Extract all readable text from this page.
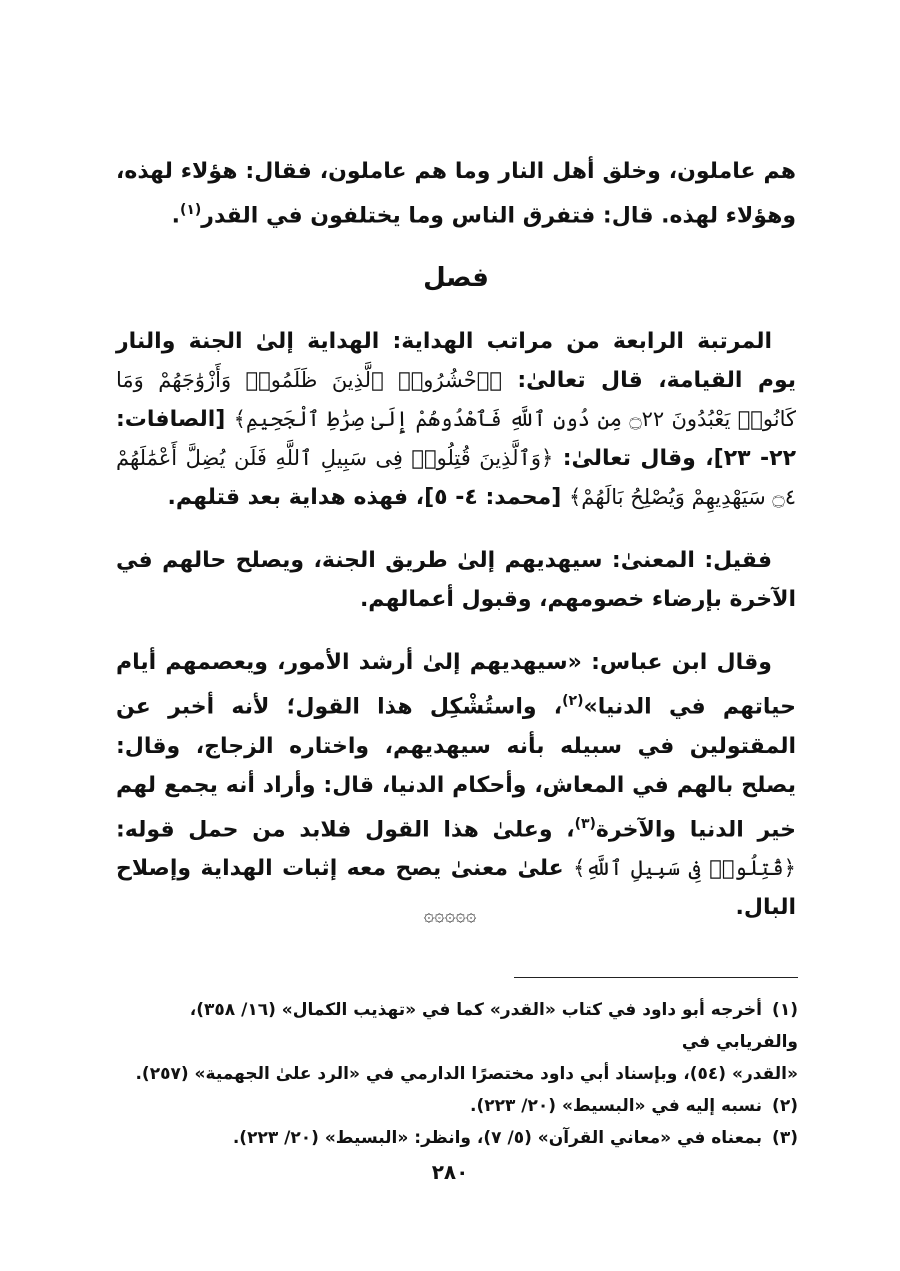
هم عاملون، وخلق أهل النار وما هم عاملون، فقال: هؤلاء لهذه، وهؤلاء لهذه. قال: فتفرق الناس وما يختلفون في القدر$^{(١)}$.

فصل

المرتبة الرابعة من مراتب الهداية: الهداية إلىٰ الجنة والنار يوم القيامة، قال تعالىٰ: ﴿ٱحْشُرُوا۟ ٱلَّذِينَ ظَلَمُوا۟ وَأَزْوَٰجَهُمْ وَمَا كَانُوا۟ يَعْبُدُونَ ۝٢٢ مِن دُونِ ٱللَّهِ فَٱهْدُوهُمْ إِلَىٰ صِرَٰطِ ٱلْجَحِيمِ﴾ [الصافات: ٢٢- ٢٣]، وقال تعالىٰ: ﴿وَٱلَّذِينَ قُتِلُوا۟ فِى سَبِيلِ ٱللَّهِ فَلَن يُضِلَّ أَعْمَٰلَهُمْ ۝٤ سَيَهْدِيهِمْ وَيُصْلِحُ بَالَهُمْ﴾ [محمد: ٤- ٥]، فهذه هداية بعد قتلهم.

فقيل: المعنىٰ: سيهديهم إلىٰ طريق الجنة، ويصلح حالهم في الآخرة بإرضاء خصومهم، وقبول أعمالهم.

وقال ابن عباس: «سيهديهم إلىٰ أرشد الأمور، ويعصمهم أيام حياتهم في الدنيا»$^{(٢)}$، واستُشْكِل هذا القول؛ لأنه أخبر عن المقتولين في سبيله بأنه سيهديهم، واختاره الزجاج، وقال: يصلح بالهم في المعاش، وأحكام الدنيا، قال: وأراد أنه يجمع لهم خير الدنيا والآخرة$^{(٣)}$، وعلىٰ هذا القول فلابد من حمل قوله: ﴿قُتِلُوا۟ فِى سَبِيلِ ٱللَّهِ﴾ علىٰ معنىٰ يصح معه إثبات الهداية وإصلاح البال.

۞۞۞۞۞

(١)أخرجه أبو داود في كتاب «القدر» كما في «تهذيب الكمال» (١٦/ ٣٥٨)، والفريابي في

«القدر» (٥٤)، وبإسناد أبي داود مختصرًا الدارمي في «الرد علىٰ الجهمية» (٢٥٧).

(٢)نسبه إليه في «البسيط» (٢٠/ ٢٢٣).

(٣)بمعناه في «معاني القرآن» (٥/ ٧)، وانظر: «البسيط» (٢٠/ ٢٢٣).

٢٨٠
